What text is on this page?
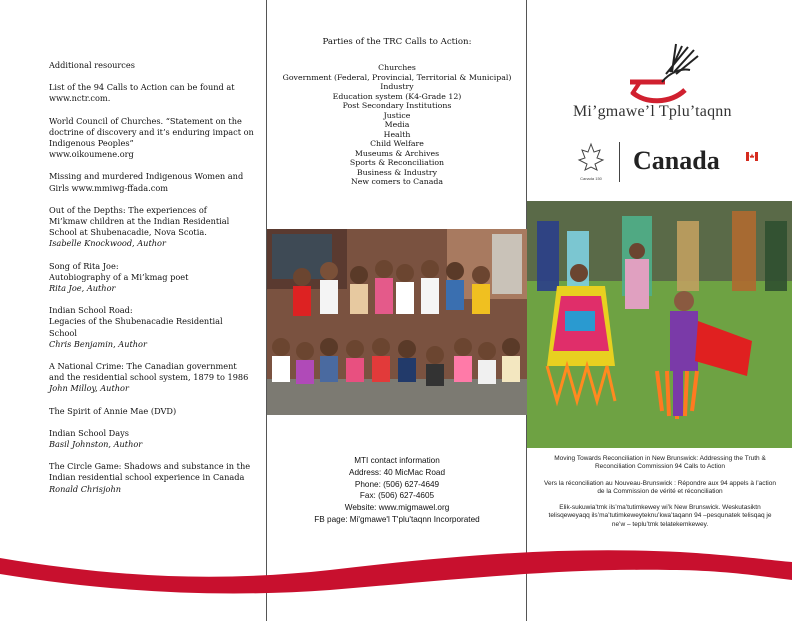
Additional resources
List of the 94 Calls to Action can be found at
www.nctr.com.
World Council of Churches. “Statement on the
doctrine of discovery and it’s enduring impact on
Indigenous Peoples”
www.oikoumene.org
Missing and murdered Indigenous Women and
Girls www.mmiwg-ffada.com
Out of the Depths: The experiences of
Mi’kmaw children at the Indian Residential
School at Shubenacadie, Nova Scotia.
Isabelle Knockwood, Author
Song of Rita Joe:
Autobiography of a Mi’kmag poet
Rita Joe, Author
Indian School Road:
Legacies of the Shubenacadie Residential
School
Chris Benjamin, Author
A National Crime: The Canadian government
and the residential school system, 1879 to 1986
John Milloy, Author
The Spirit of Annie Mae (DVD)
Indian School Days
Basil Johnston, Author
The Circle Game: Shadows and substance in the
Indian residential school experience in Canada
Ronald Chrisjohn
Parties of the TRC Calls to Action:
Churches
Government (Federal, Provincial, Territorial & Municipal)
Industry
Education system (K4-Grade 12)
Post Secondary Institutions
Justice
Media
Health
Child Welfare
Museums & Archives
Sports & Reconciliation
Business & Industry
New comers to Canada
MTI contact information
Address: 40 MicMac Road
Phone: (506) 627-4649
Fax: (506) 627-4605
Website: www.migmawel.org
FB page: Mi'gmawe'l T'plu'taqnn Incorporated
Mi’gmawe’l Tplu’taqnn
Canada 150
Canada

Moving Towards Reconciliation in New Brunswick: Addressing the Truth & Reconciliation Commission 94 Calls to Action

Vers la réconciliation au Nouveau-Brunswick : Répondre aux 94 appels à l’action de la Commission de vérité et réconciliation

Elik-sukuwia’tmk ils’ma’tutimkewey wi’k New Brunswick. Weskutasiktn telisqeweyaqq ils’ma’tutimkeweyteknu’kwa’taqann 94 –pesqunatek telisqaq je ne’w – teplu’tmk telatekemkewey.
